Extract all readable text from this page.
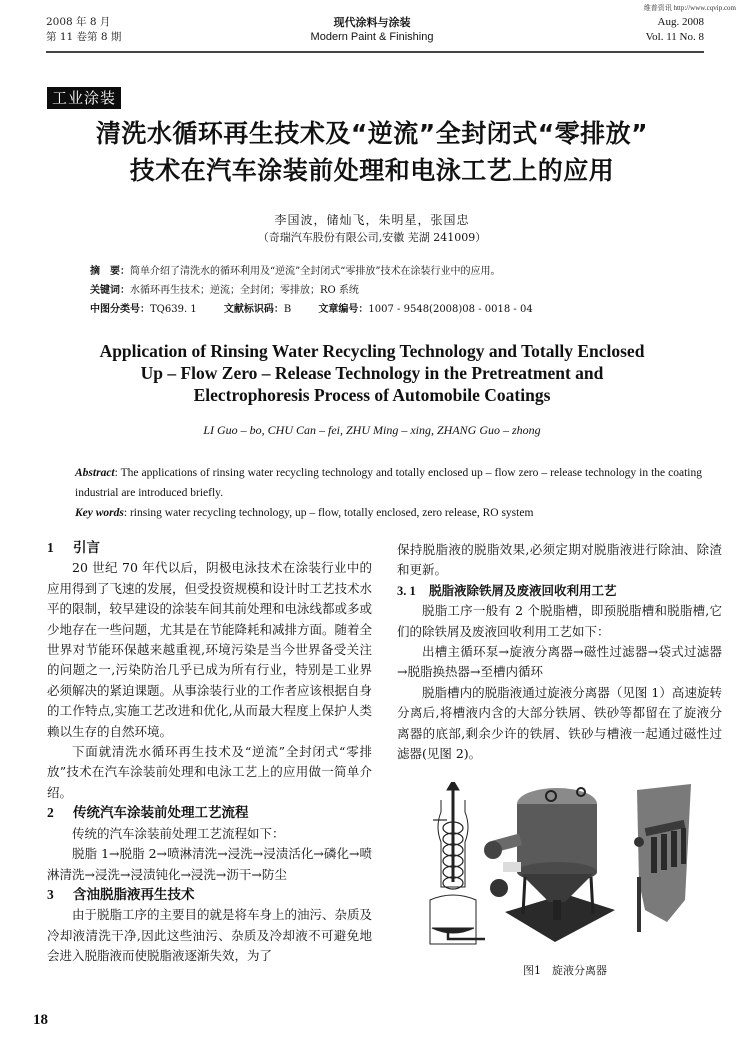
维普资讯 http://www.cqvip.com
2008 年 8 月
第 11 卷第 8 期
现代涂料与涂装
Modern Paint & Finishing
Aug. 2008
Vol. 11 No. 8
工业涂装
清洗水循环再生技术及“逆流”全封闭式“零排放”
技术在汽车涂装前处理和电泳工艺上的应用
李国波，储灿飞，朱明星，张国忠
（奇瑞汽车股份有限公司,安徽 芜湖 241009）
摘　要：简单介绍了清洗水的循环利用及“逆流”全封闭式“零排放”技术在涂装行业中的应用。
关键词：水循环再生技术；逆流；全封闭；零排放；RO 系统
中图分类号：TQ639. 1	文献标识码：B	文章编号：1007 - 9548(2008)08 - 0018 - 04
Application of Rinsing Water Recycling Technology and Totally Enclosed
Up – Flow Zero – Release Technology in the Pretreatment and
Electrophoresis Process of Automobile Coatings
LI Guo – bo, CHU Can – fei, ZHU Ming – xing, ZHANG Guo – zhong
Abstract: The applications of rinsing water recycling technology and totally enclosed up – flow zero – release technology in the coating industrial are introduced briefly.
Key words: rinsing water recycling technology, up – flow, totally enclosed, zero release, RO system
1 引言

20 世纪 70 年代以后，阴极电泳技术在涂装行业中的应用得到了飞速的发展，但受投资规模和设计时工艺技术水平的限制，较早建设的涂装车间其前处理和电泳线都或多或少地存在一些问题，尤其是在节能降耗和减排方面。随着全世界对节能环保越来越重视,环境污染是当今世界备受关注的问题之一,污染防治几乎已成为所有行业，特别是工业界必须解决的紧迫课题。从事涂装行业的工作者应该根据自身的工作特点,实施工艺改进和优化,从而最大程度上保护人类赖以生存的自然环境。

下面就清洗水循环再生技术及“逆流”全封闭式“零排放”技术在汽车涂装前处理和电泳工艺上的应用做一简单介绍。

2 传统汽车涂装前处理工艺流程

传统的汽车涂装前处理工艺流程如下：

脱脂 1→脱脂 2→喷淋清洗→浸洗→浸渍活化→磷化→喷淋清洗→浸洗→浸渍钝化→浸洗→沥干→防尘

3 含油脱脂液再生技术

由于脱脂工序的主要目的就是将车身上的油污、杂质及冷却液清洗干净,因此这些油污、杂质及冷却液不可避免地会进入脱脂液而使脱脂液逐渐失效，为了

保持脱脂液的脱脂效果,必须定期对脱脂液进行除油、除渣和更新。

3. 1 脱脂液除铁屑及废液回收利用工艺

脱脂工序一般有 2 个脱脂槽，即预脱脂槽和脱脂槽,它们的除铁屑及废液回收利用工艺如下：

出槽主循环泵→旋液分离器→磁性过滤器→袋式过滤器→脱脂换热器→至槽内循环

脱脂槽内的脱脂液通过旋液分离器（见图 1）高速旋转分离后,将槽液内含的大部分铁屑、铁砂等都留在了旋液分离器的底部,剩余少许的铁屑、铁砂与槽液一起通过磁性过滤器(见图 2)。

图1　旋液分离器
18
